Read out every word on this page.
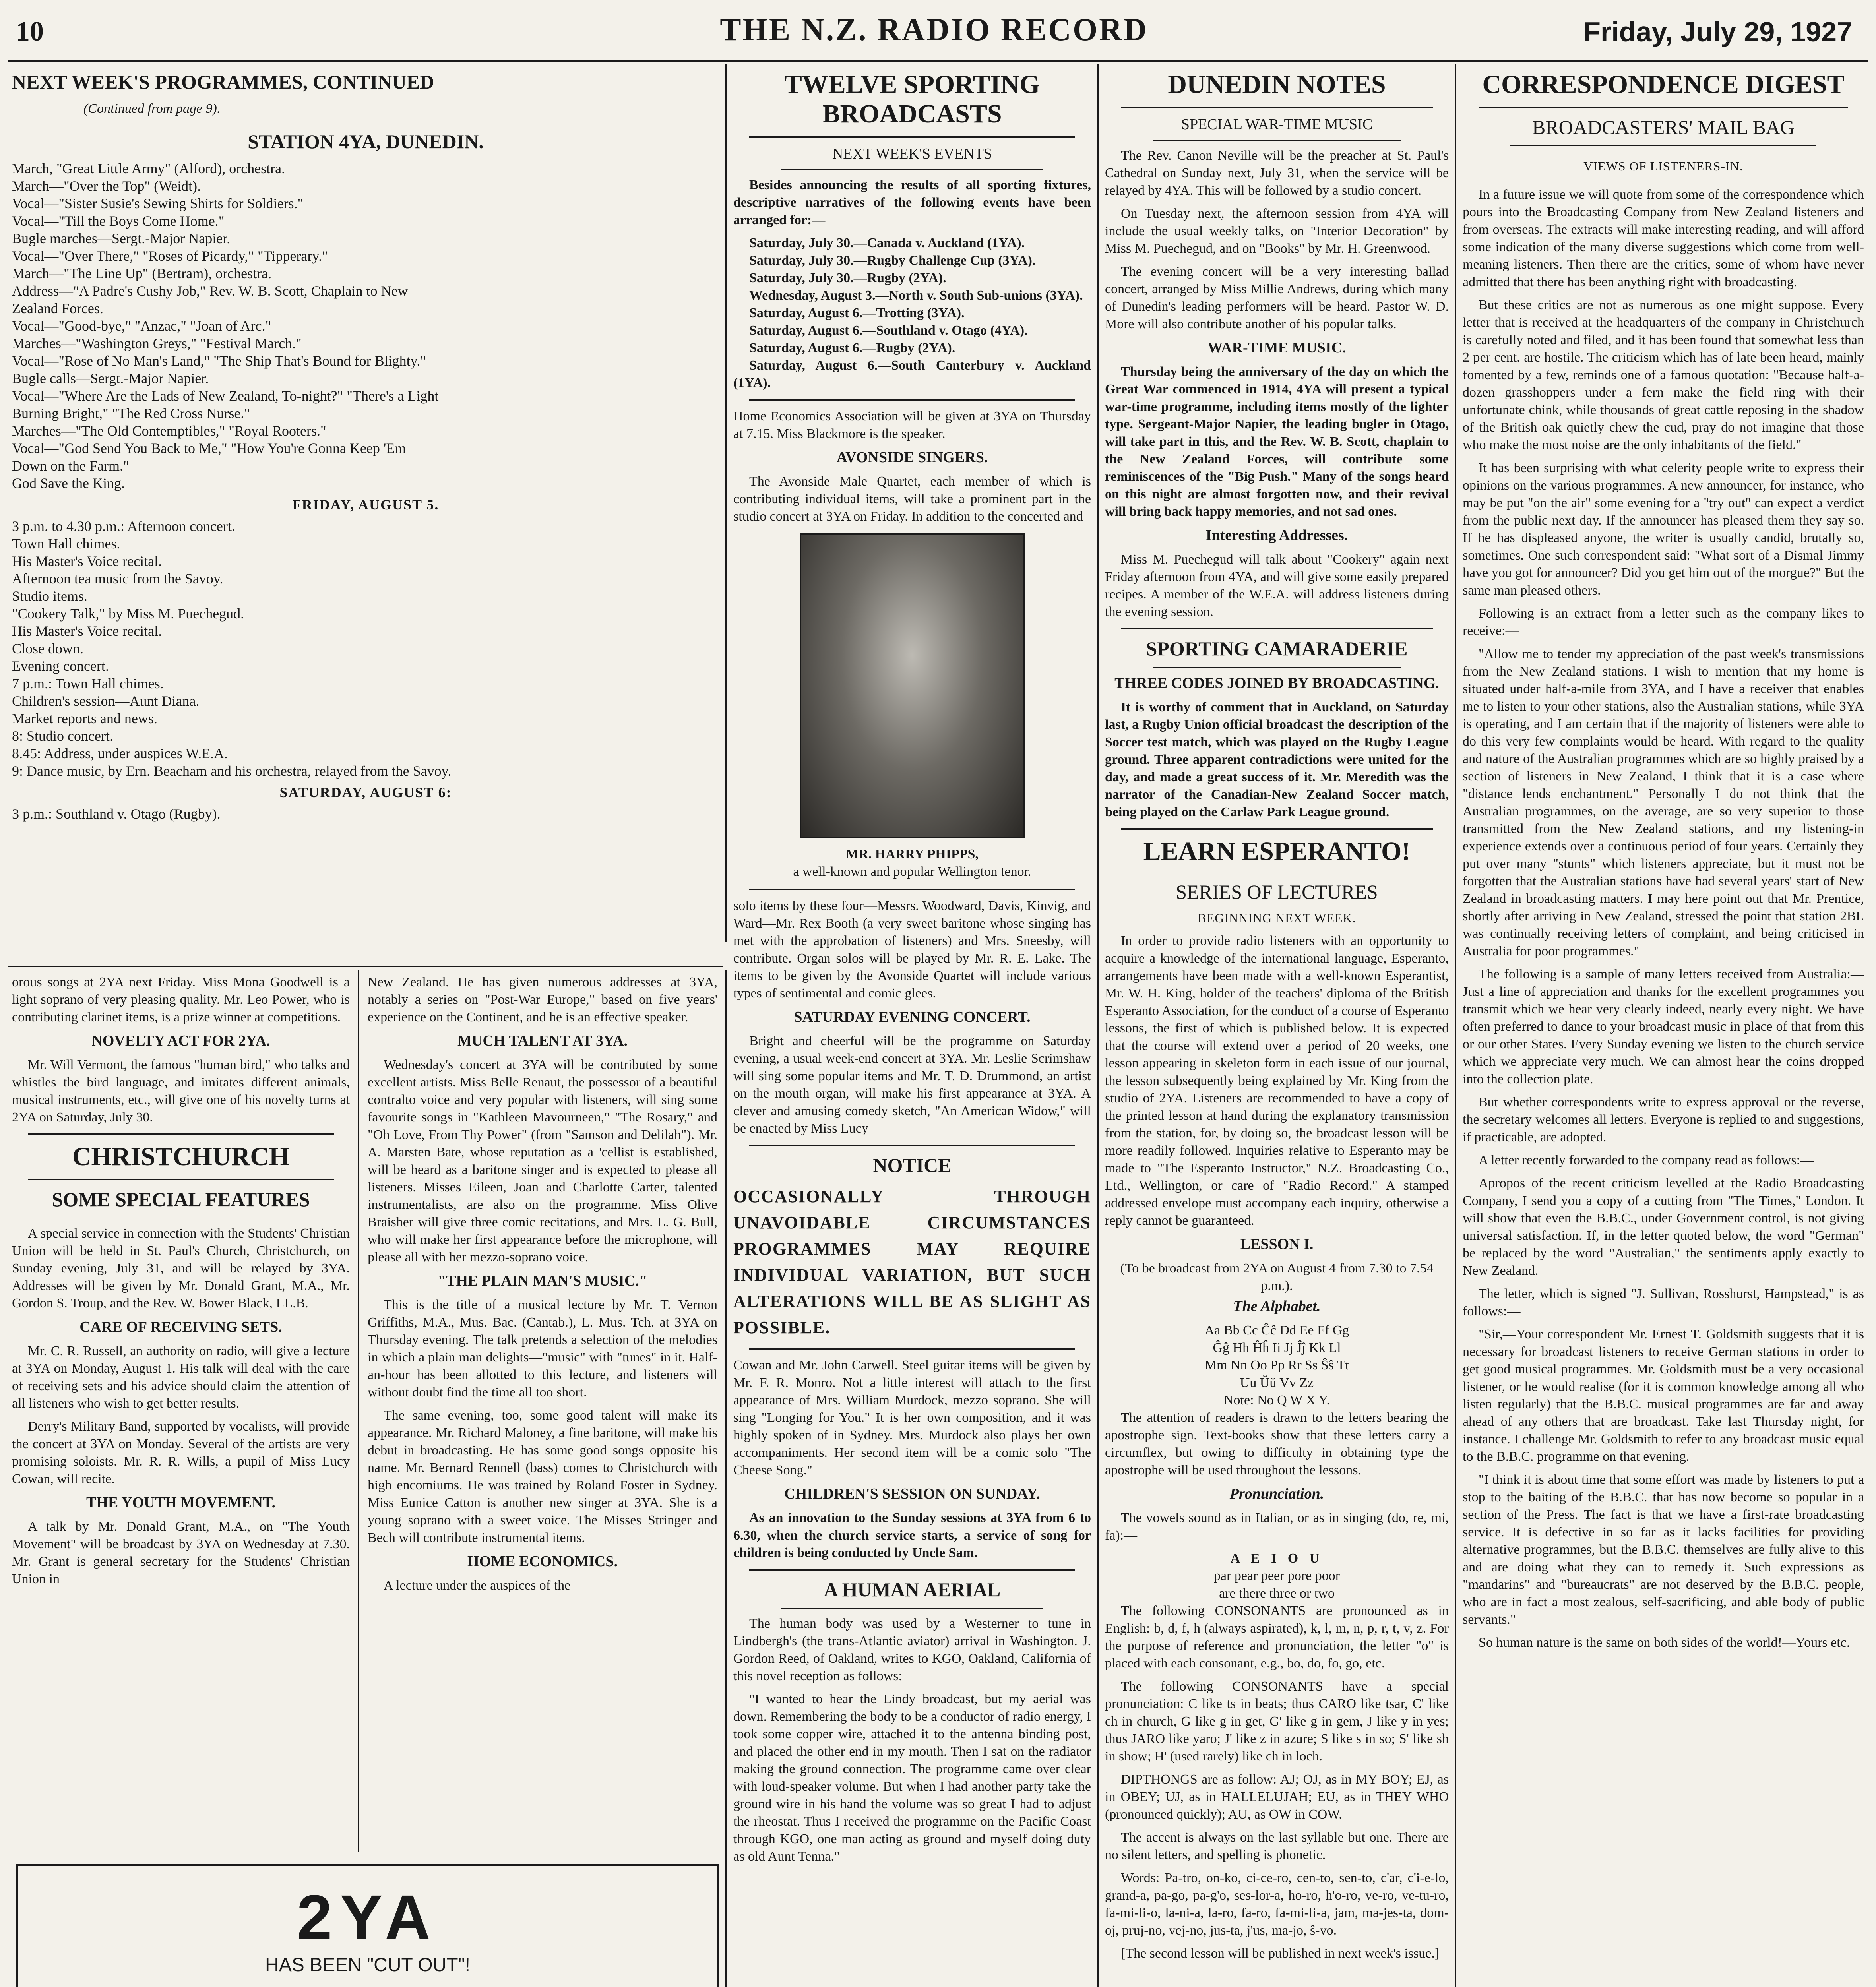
10	THE N.Z. RADIO RECORD	Friday, July 29, 1927
NEXT WEEK'S PROGRAMMES, CONTINUED
(Continued from page 9).
STATION 4YA, DUNEDIN.
March, "Great Little Army" (Alford), orchestra.
March—"Over the Top" (Weidt).
Vocal—"Sister Susie's Sewing Shirts for Soldiers."
Vocal—"Till the Boys Come Home."
Bugle marches—Sergt.-Major Napier.
Vocal—"Over There," "Roses of Picardy," "Tipperary."
March—"The Line Up" (Bertram), orchestra.
Address—"A Padre's Cushy Job," Rev. W. B. Scott, Chaplain to New
Zealand Forces.
Vocal—"Good-bye," "Anzac," "Joan of Arc."
Marches—"Washington Greys," "Festival March."
Vocal—"Rose of No Man's Land," "The Ship That's Bound for Blighty."
Bugle calls—Sergt.-Major Napier.
Vocal—"Where Are the Lads of New Zealand, To-night?" "There's a Light
Burning Bright," "The Red Cross Nurse."
Marches—"The Old Contemptibles," "Royal Rooters."
Vocal—"God Send You Back to Me," "How You're Gonna Keep 'Em
Down on the Farm."
God Save the King.
FRIDAY, AUGUST 5.
3 p.m. to 4.30 p.m.: Afternoon concert.
Town Hall chimes.
His Master's Voice recital.
Afternoon tea music from the Savoy.
Studio items.
"Cookery Talk," by Miss M. Puechegud.
His Master's Voice recital.
Close down.
Evening concert.
7 p.m.: Town Hall chimes.
Children's session—Aunt Diana.
Market reports and news.
8: Studio concert.
8.45: Address, under auspices W.E.A.
9: Dance music, by Ern. Beacham and his orchestra, relayed from the Savoy.
SATURDAY, AUGUST 6:
3 p.m.: Southland v. Otago (Rugby).

orous songs at 2YA next Friday. Miss Mona Goodwell is a light soprano of very pleasing quality. Mr. Leo Power, who is contributing clarinet items, is a prize winner at competitions.

NOVELTY ACT FOR 2YA.

Mr. Will Vermont, the famous "human bird," who talks and whistles the bird language, and imitates different animals, musical instruments, etc., will give one of his novelty turns at 2YA on Saturday, July 30.

CHRISTCHURCH
SOME SPECIAL FEATURES

A special service in connection with the Students' Christian Union will be held in St. Paul's Church, Christchurch, on Sunday evening, July 31, and will be relayed by 3YA. Addresses will be given by Mr. Donald Grant, M.A., Mr. Gordon S. Troup, and the Rev. W. Bower Black, LL.B.

CARE OF RECEIVING SETS.

Mr. C. R. Russell, an authority on radio, will give a lecture at 3YA on Monday, August 1. His talk will deal with the care of receiving sets and his advice should claim the attention of all listeners who wish to get better results.

Derry's Military Band, supported by vocalists, will provide the concert at 3YA on Monday. Several of the artists are very promising soloists. Mr. R. R. Wills, a pupil of Miss Lucy Cowan, will recite.

THE YOUTH MOVEMENT.

A talk by Mr. Donald Grant, M.A., on "The Youth Movement" will be broadcast by 3YA on Wednesday at 7.30. Mr. Grant is general secretary for the Students' Christian Union in

New Zealand. He has given numerous addresses at 3YA, notably a series on "Post-War Europe," based on five years' experience on the Continent, and he is an effective speaker.

MUCH TALENT AT 3YA.

Wednesday's concert at 3YA will be contributed by some excellent artists. Miss Belle Renaut, the possessor of a beautiful contralto voice and very popular with listeners, will sing some favourite songs in "Kathleen Mavourneen," "The Rosary," and "Oh Love, From Thy Power" (from "Samson and Delilah"). Mr. A. Marsten Bate, whose reputation as a 'cellist is established, will be heard as a baritone singer and is expected to please all listeners. Misses Eileen, Joan and Charlotte Carter, talented instrumentalists, are also on the programme. Miss Olive Braisher will give three comic recitations, and Mrs. L. G. Bull, who will make her first appearance before the microphone, will please all with her mezzo-soprano voice.

"THE PLAIN MAN'S MUSIC."

This is the title of a musical lecture by Mr. T. Vernon Griffiths, M.A., Mus. Bac. (Cantab.), L. Mus. Tch. at 3YA on Thursday evening. The talk pretends a selection of the melodies in which a plain man delights—"music" with "tunes" in it. Half-an-hour has been allotted to this lecture, and listeners will without doubt find the time all too short.

The same evening, too, some good talent will make its appearance. Mr. Richard Maloney, a fine baritone, will make his debut in broadcasting. He has some good songs opposite his name. Mr. Bernard Rennell (bass) comes to Christchurch with high encomiums. He was trained by Roland Foster in Sydney. Miss Eunice Catton is another new singer at 3YA. She is a young soprano with a sweet voice. The Misses Stringer and Bech will contribute instrumental items.

HOME ECONOMICS.

A lecture under the auspices of the

2YA
HAS BEEN "CUT OUT"!
TWELVE SPORTING BROADCASTS
NEXT WEEK'S EVENTS

Besides announcing the results of all sporting fixtures, descriptive narratives of the following events have been arranged for:—

Saturday, July 30.—Canada v. Auckland (1YA).
Saturday, July 30.—Rugby Challenge Cup (3YA).
Saturday, July 30.—Rugby (2YA).
Wednesday, August 3.—North v. South Sub-unions (3YA).
Saturday, August 6.—Trotting (3YA).
Saturday, August 6.—Southland v. Otago (4YA).
Saturday, August 6.—Rugby (2YA).
Saturday, August 6.—South Canterbury v. Auckland (1YA).

Home Economics Association will be given at 3YA on Thursday at 7.15. Miss Blackmore is the speaker.

AVONSIDE SINGERS.

The Avonside Male Quartet, each member of which is contributing individual items, will take a prominent part in the studio concert at 3YA on Friday. In addition to the concerted and

MR. HARRY PHIPPS,
a well-known and popular Wellington tenor.

solo items by these four—Messrs. Woodward, Davis, Kinvig, and Ward—Mr. Rex Booth (a very sweet baritone whose singing has met with the approbation of listeners) and Mrs. Sneesby, will contribute. Organ solos will be played by Mr. R. E. Lake. The items to be given by the Avonside Quartet will include various types of sentimental and comic glees.

SATURDAY EVENING CONCERT.

Bright and cheerful will be the programme on Saturday evening, a usual week-end concert at 3YA. Mr. Leslie Scrimshaw will sing some popular items and Mr. T. D. Drummond, an artist on the mouth organ, will make his first appearance at 3YA. A clever and amusing comedy sketch, "An American Widow," will be enacted by Miss Lucy

NOTICE
OCCASIONALLY THROUGH UNAVOIDABLE CIRCUMSTANCES PROGRAMMES MAY REQUIRE INDIVIDUAL VARIATION, BUT SUCH ALTERATIONS WILL BE AS SLIGHT AS POSSIBLE.

Cowan and Mr. John Carwell. Steel guitar items will be given by Mr. F. R. Monro. Not a little interest will attach to the first appearance of Mrs. William Murdock, mezzo soprano. She will sing "Longing for You." It is her own composition, and it was highly spoken of in Sydney. Mrs. Murdock also plays her own accompaniments. Her second item will be a comic solo "The Cheese Song."

CHILDREN'S SESSION ON SUNDAY.

As an innovation to the Sunday sessions at 3YA from 6 to 6.30, when the church service starts, a service of song for children is being conducted by Uncle Sam.

A HUMAN AERIAL

The human body was used by a Westerner to tune in Lindbergh's (the trans-Atlantic aviator) arrival in Washington. J. Gordon Reed, of Oakland, writes to KGO, Oakland, California of this novel reception as follows:—

"I wanted to hear the Lindy broadcast, but my aerial was down. Remembering the body to be a conductor of radio energy, I took some copper wire, attached it to the antenna binding post, and placed the other end in my mouth. Then I sat on the radiator making the ground connection. The programme came over clear with loud-speaker volume. But when I had another party take the ground wire in his hand the volume was so great I had to adjust the rheostat. Thus I received the programme on the Pacific Coast through KGO, one man acting as ground and myself doing duty as old Aunt Tenna."

DUNEDIN NOTES
SPECIAL WAR-TIME MUSIC

The Rev. Canon Neville will be the preacher at St. Paul's Cathedral on Sunday next, July 31, when the service will be relayed by 4YA. This will be followed by a studio concert.

On Tuesday next, the afternoon session from 4YA will include the usual weekly talks, on "Interior Decoration" by Miss M. Puechegud, and on "Books" by Mr. H. Greenwood.

The evening concert will be a very interesting ballad concert, arranged by Miss Millie Andrews, during which many of Dunedin's leading performers will be heard. Pastor W. D. More will also contribute another of his popular talks.

WAR-TIME MUSIC.

Thursday being the anniversary of the day on which the Great War commenced in 1914, 4YA will present a typical war-time programme, including items mostly of the lighter type. Sergeant-Major Napier, the leading bugler in Otago, will take part in this, and the Rev. W. B. Scott, chaplain to the New Zealand Forces, will contribute some reminiscences of the "Big Push." Many of the songs heard on this night are almost forgotten now, and their revival will bring back happy memories, and not sad ones.

Interesting Addresses.

Miss M. Puechegud will talk about "Cookery" again next Friday afternoon from 4YA, and will give some easily prepared recipes. A member of the W.E.A. will address listeners during the evening session.

SPORTING CAMARADERIE
THREE CODES JOINED BY BROADCASTING.

It is worthy of comment that in Auckland, on Saturday last, a Rugby Union official broadcast the description of the Soccer test match, which was played on the Rugby League ground. Three apparent contradictions were united for the day, and made a great success of it. Mr. Meredith was the narrator of the Canadian-New Zealand Soccer match, being played on the Carlaw Park League ground.

LEARN ESPERANTO!
SERIES OF LECTURES
BEGINNING NEXT WEEK.

In order to provide radio listeners with an opportunity to acquire a knowledge of the international language, Esperanto, arrangements have been made with a well-known Esperantist, Mr. W. H. King, holder of the teachers' diploma of the British Esperanto Association, for the conduct of a course of Esperanto lessons, the first of which is published below. It is expected that the course will extend over a period of 20 weeks, one lesson appearing in skeleton form in each issue of our journal, the lesson subsequently being explained by Mr. King from the studio of 2YA. Listeners are recommended to have a copy of the printed lesson at hand during the explanatory transmission from the station, for, by doing so, the broadcast lesson will be more readily followed. Inquiries relative to Esperanto may be made to "The Esperanto Instructor," N.Z. Broadcasting Co., Ltd., Wellington, or care of "Radio Record." A stamped addressed envelope must accompany each inquiry, otherwise a reply cannot be guaranteed.

LESSON I.
(To be broadcast from 2YA on August 4 from 7.30 to 7.54 p.m.).
The Alphabet.
Aa Bb Cc Ĉĉ Dd Ee Ff Gg
Ĝĝ Hh Ĥĥ Ii Jj Ĵĵ Kk Ll
Mm Nn Oo Pp Rr Ss Ŝŝ Tt
Uu Ŭŭ Vv Zz
Note: No Q W X Y.

The attention of readers is drawn to the letters bearing the apostrophe sign. Text-books show that these letters carry a circumflex, but owing to difficulty in obtaining type the apostrophe will be used throughout the lessons.

Pronunciation.

The vowels sound as in Italian, or as in singing (do, re, mi, fa):—

A E I O U
par pear peer pore poor
are there three or two

The following CONSONANTS are pronounced as in English: b, d, f, h (always aspirated), k, l, m, n, p, r, t, v, z. For the purpose of reference and pronunciation, the letter "o" is placed with each consonant, e.g., bo, do, fo, go, etc.

The following CONSONANTS have a special pronunciation: C like ts in beats; thus CARO like tsar, C' like ch in church, G like g in get, G' like g in gem, J like y in yes; thus JARO like yaro; J' like z in azure; S like s in so; S' like sh in show; H' (used rarely) like ch in loch.

DIPTHONGS are as follow: AJ; OJ, as in MY BOY; EJ, as in OBEY; UJ, as in HALLELUJAH; EU, as in THEY WHO (pronounced quickly); AU, as OW in COW.

The accent is always on the last syllable but one. There are no silent letters, and spelling is phonetic.

Words: Pa-tro, on-ko, ci-ce-ro, cen-to, sen-to, c'ar, c'i-e-lo, grand-a, pa-go, pa-g'o, ses-lor-a, ho-ro, h'o-ro, ve-ro, ve-tu-ro, fa-mi-li-o, la-ni-a, la-ro, fa-ro, fa-mi-li-a, jam, ma-jes-ta, dom-oj, pruj-no, vej-no, jus-ta, j'us, ma-jo, ŝ-vo.

[The second lesson will be published in next week's issue.]

CORRESPONDENCE DIGEST
BROADCASTERS' MAIL BAG
VIEWS OF LISTENERS-IN.

In a future issue we will quote from some of the correspondence which pours into the Broadcasting Company from New Zealand listeners and from overseas. The extracts will make interesting reading, and will afford some indication of the many diverse suggestions which come from well-meaning listeners. Then there are the critics, some of whom have never admitted that there has been anything right with broadcasting.

But these critics are not as numerous as one might suppose. Every letter that is received at the headquarters of the company in Christchurch is carefully noted and filed, and it has been found that somewhat less than 2 per cent. are hostile. The criticism which has of late been heard, mainly fomented by a few, reminds one of a famous quotation: "Because half-a-dozen grasshoppers under a fern make the field ring with their unfortunate chink, while thousands of great cattle reposing in the shadow of the British oak quietly chew the cud, pray do not imagine that those who make the most noise are the only inhabitants of the field."

It has been surprising with what celerity people write to express their opinions on the various programmes. A new announcer, for instance, who may be put "on the air" some evening for a "try out" can expect a verdict from the public next day. If the announcer has pleased them they say so. If he has displeased anyone, the writer is usually candid, brutally so, sometimes. One such correspondent said: "What sort of a Dismal Jimmy have you got for announcer? Did you get him out of the morgue?" But the same man pleased others.

Following is an extract from a letter such as the company likes to receive:—

"Allow me to tender my appreciation of the past week's transmissions from the New Zealand stations. I wish to mention that my home is situated under half-a-mile from 3YA, and I have a receiver that enables me to listen to your other stations, also the Australian stations, while 3YA is operating, and I am certain that if the majority of listeners were able to do this very few complaints would be heard. With regard to the quality and nature of the Australian programmes which are so highly praised by a section of listeners in New Zealand, I think that it is a case where "distance lends enchantment." Personally I do not think that the Australian programmes, on the average, are so very superior to those transmitted from the New Zealand stations, and my listening-in experience extends over a continuous period of four years. Certainly they put over many "stunts" which listeners appreciate, but it must not be forgotten that the Australian stations have had several years' start of New Zealand in broadcasting matters. I may here point out that Mr. Prentice, shortly after arriving in New Zealand, stressed the point that station 2BL was continually receiving letters of complaint, and being criticised in Australia for poor programmes."

The following is a sample of many letters received from Australia:—Just a line of appreciation and thanks for the excellent programmes you transmit which we hear very clearly indeed, nearly every night. We have often preferred to dance to your broadcast music in place of that from this or our other States. Every Sunday evening we listen to the church service which we appreciate very much. We can almost hear the coins dropped into the collection plate.

But whether correspondents write to express approval or the reverse, the secretary welcomes all letters. Everyone is replied to and suggestions, if practicable, are adopted.

A letter recently forwarded to the company read as follows:—

Apropos of the recent criticism levelled at the Radio Broadcasting Company, I send you a copy of a cutting from "The Times," London. It will show that even the B.B.C., under Government control, is not giving universal satisfaction. If, in the letter quoted below, the word "German" be replaced by the word "Australian," the sentiments apply exactly to New Zealand.

The letter, which is signed "J. Sullivan, Rosshurst, Hampstead," is as follows:—

"Sir,—Your correspondent Mr. Ernest T. Goldsmith suggests that it is necessary for broadcast listeners to receive German stations in order to get good musical programmes. Mr. Goldsmith must be a very occasional listener, or he would realise (for it is common knowledge among all who listen regularly) that the B.B.C. musical programmes are far and away ahead of any others that are broadcast. Take last Thursday night, for instance. I challenge Mr. Goldsmith to refer to any broadcast music equal to the B.B.C. programme on that evening.

"I think it is about time that some effort was made by listeners to put a stop to the baiting of the B.B.C. that has now become so popular in a section of the Press. The fact is that we have a first-rate broadcasting service. It is defective in so far as it lacks facilities for providing alternative programmes, but the B.B.C. themselves are fully alive to this and are doing what they can to remedy it. Such expressions as "mandarins" and "bureaucrats" are not deserved by the B.B.C. people, who are in fact a most zealous, self-sacrificing, and able body of public servants."

So human nature is the same on both sides of the world!—Yours etc.
